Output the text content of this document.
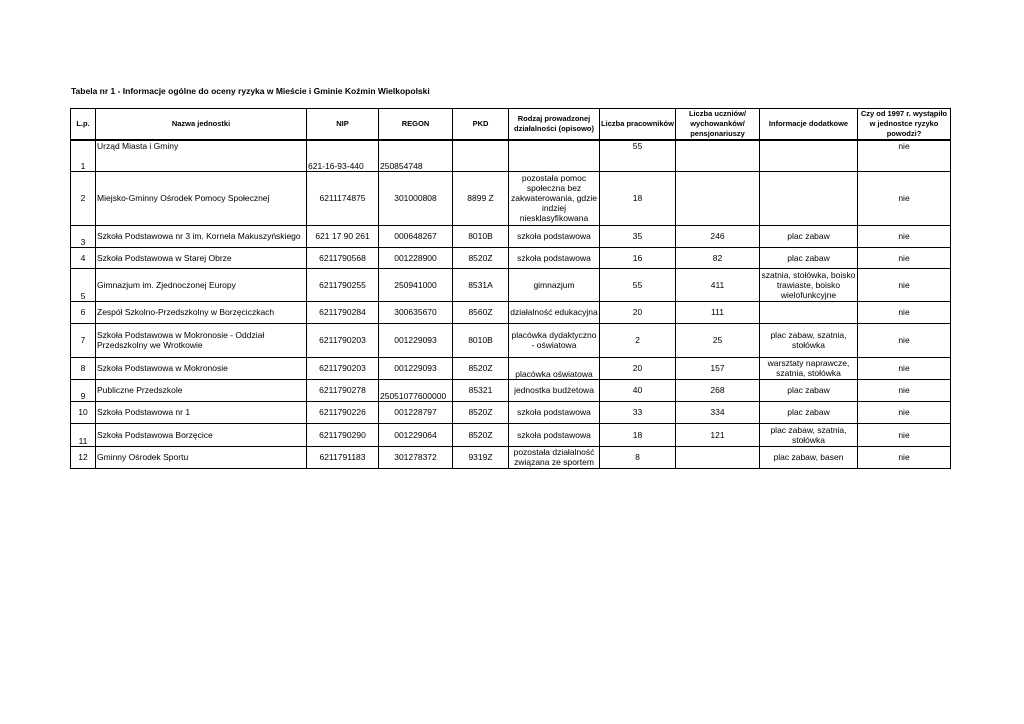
Tabela nr 1 - Informacje ogólne do oceny ryzyka w Mieście i Gminie Koźmin Wielkopolski
L.p.	Nazwa jednostki	NIP	REGON	PKD	Rodzaj prowadzonej działalności (opisowo)	Liczba pracowników	Liczba uczniów/ wychowanków/ pensjonariuszy	Informacje dodatkowe	Czy od 1997 r. wystąpiło w jednostce ryzyko powodzi?
1	Urząd Miasta i Gminy	621-16-93-440	250854748			55			nie
2	Miejsko-Gminny Ośrodek Pomocy Społecznej	6211174875	301000808	8899 Z	pozostała pomoc społeczna bez zakwaterowania, gdzie indziej niesklasyfikowana	18			nie
3	Szkoła Podstawowa nr 3 im. Kornela Makuszyńskiego	621 17 90 261	000648267	8010B	szkoła podstawowa	35	246	plac zabaw	nie
4	Szkoła Podstawowa w Starej Obrze	6211790568	001228900	8520Z	szkoła podstawowa	16	82	plac zabaw	nie
5	Gimnazjum im. Zjednoczonej Europy	6211790255	250941000	8531A	gimnazjum	55	411	szatnia, stołówka, boisko trawiaste, boisko wielofunkcyjne	nie
6	Zespół Szkolno-Przedszkolny w Borzęciczkach	6211790284	300635670	8560Z	działalność edukacyjna	20	111		nie
7	Szkoła Podstawowa w Mokronosie - Oddział Przedszkolny we Wrotkowie	6211790203	001229093	8010B	placówka dydaktyczno - oświatowa	2	25	plac zabaw, szatnia, stołówka	nie
8	Szkoła Podstawowa w Mokronosie	6211790203	001229093	8520Z	placówka oświatowa	20	157	warsztaty naprawcze, szatnia, stołówka	nie
9	Publiczne Przedszkole	6211790278	25051077600000	85321	jednostka budżetowa	40	268	plac zabaw	nie
10	Szkoła Podstawowa nr 1	6211790226	001228797	8520Z	szkoła podstawowa	33	334	plac zabaw	nie
11	Szkoła Podstawowa Borzęcice	6211790290	001229064	8520Z	szkoła podstawowa	18	121	plac zabaw, szatnia, stołówka	nie
12	Gminny Ośrodek Sportu	6211791183	301278372	9319Z	pozostała działalność związana ze sportem	8		plac zabaw, basen	nie
